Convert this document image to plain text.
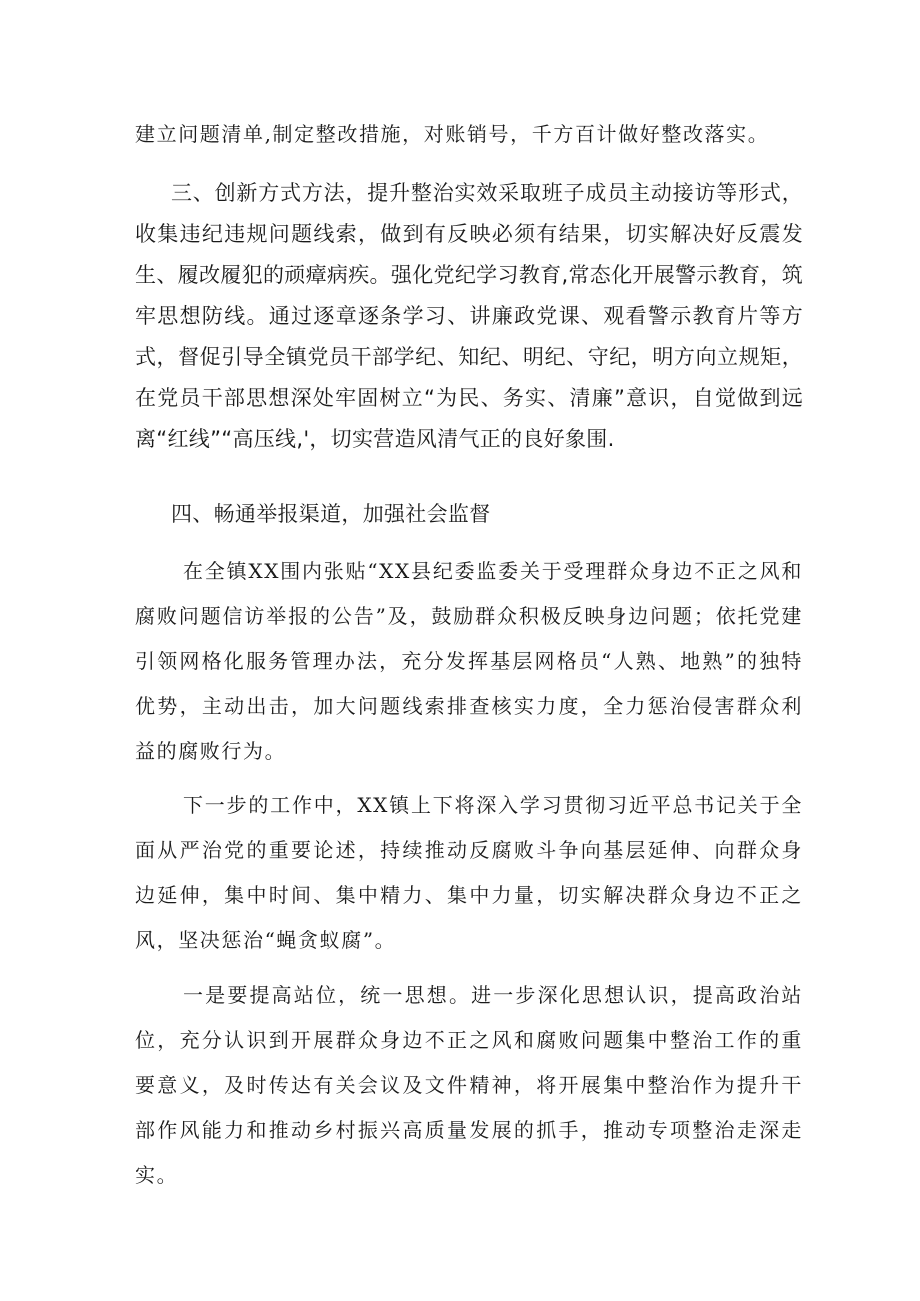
建立问题清单,制定整改措施，对账销号，千方百计做好整改落实。

三、创新方式方法，提升整治实效采取班子成员主动接访等形式，收集违纪违规问题线索，做到有反映必须有结果，切实解决好反震发生、履改履犯的顽瘴病疾。强化党纪学习教育,常态化开展警示教育，筑牢思想防线。通过逐章逐条学习、讲廉政党课、观看警示教育片等方式，督促引导全镇党员干部学纪、知纪、明纪、守纪，明方向立规矩，在党员干部思想深处牢固树立“为民、务实、清廉”意识，自觉做到远离“红线”“高压线,'，切实营造风清气正的良好象围.

四、畅通举报渠道，加强社会监督

在全镇XX围内张贴“XX县纪委监委关于受理群众身边不正之风和腐败问题信访举报的公告”及，鼓励群众积极反映身边问题；依托党建引领网格化服务管理办法，充分发挥基层网格员“人熟、地熟”的独特优势，主动出击，加大问题线索排查核实力度，全力惩治侵害群众利益的腐败行为。

下一步的工作中，XX镇上下将深入学习贯彻习近平总书记关于全面从严治党的重要论述，持续推动反腐败斗争向基层延伸、向群众身边延伸，集中时间、集中精力、集中力量，切实解决群众身边不正之风，坚决惩治“蝇贪蚁腐”。

一是要提高站位，统一思想。进一步深化思想认识，提高政治站位，充分认识到开展群众身边不正之风和腐败问题集中整治工作的重要意义，及时传达有关会议及文件精神，将开展集中整治作为提升干部作风能力和推动乡村振兴高质量发展的抓手，推动专项整治走深走实。
